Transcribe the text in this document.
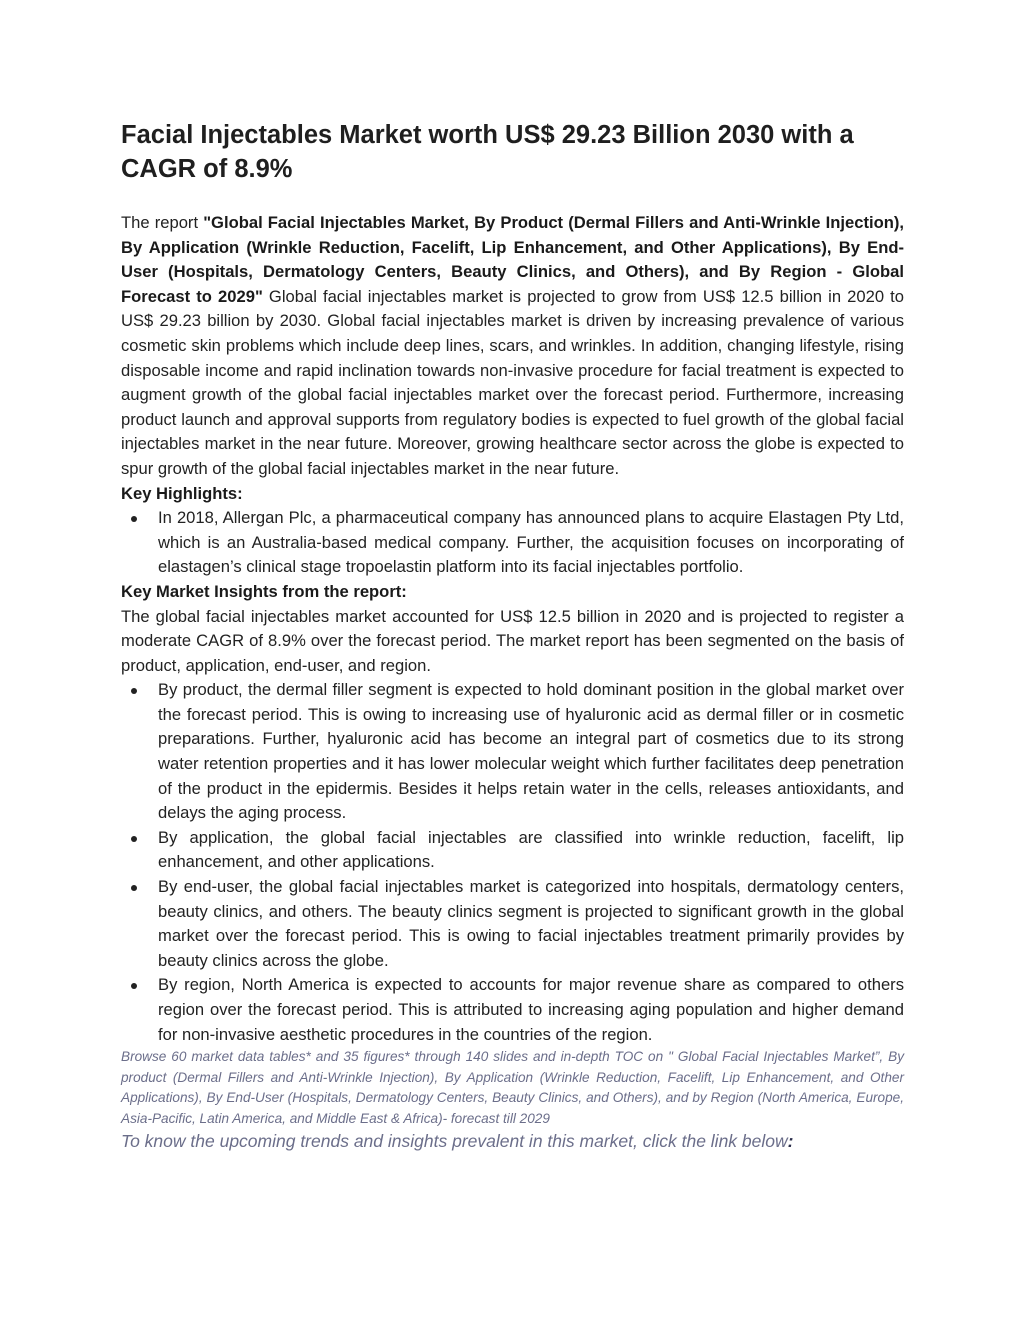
Facial Injectables Market worth US$ 29.23 Billion 2030 with a CAGR of 8.9%

The report "Global Facial Injectables Market, By Product (Dermal Fillers and Anti-Wrinkle Injection), By Application (Wrinkle Reduction, Facelift, Lip Enhancement, and Other Applications), By End-User (Hospitals, Dermatology Centers, Beauty Clinics, and Others), and By Region - Global Forecast to 2029" Global facial injectables market is projected to grow from US$ 12.5 billion in 2020 to US$ 29.23 billion by 2030. Global facial injectables market is driven by increasing prevalence of various cosmetic skin problems which include deep lines, scars, and wrinkles. In addition, changing lifestyle, rising disposable income and rapid inclination towards non-invasive procedure for facial treatment is expected to augment growth of the global facial injectables market over the forecast period. Furthermore, increasing product launch and approval supports from regulatory bodies is expected to fuel growth of the global facial injectables market in the near future. Moreover, growing healthcare sector across the globe is expected to spur growth of the global facial injectables market in the near future.

Key Highlights:

In 2018, Allergan Plc, a pharmaceutical company has announced plans to acquire Elastagen Pty Ltd, which is an Australia-based medical company. Further, the acquisition focuses on incorporating of elastagen’s clinical stage tropoelastin platform into its facial injectables portfolio.

Key Market Insights from the report:

The global facial injectables market accounted for US$ 12.5 billion in 2020 and is projected to register a moderate CAGR of 8.9% over the forecast period. The market report has been segmented on the basis of product, application, end-user, and region.

By product, the dermal filler segment is expected to hold dominant position in the global market over the forecast period. This is owing to increasing use of hyaluronic acid as dermal filler or in cosmetic preparations. Further, hyaluronic acid has become an integral part of cosmetics due to its strong water retention properties and it has lower molecular weight which further facilitates deep penetration of the product in the epidermis. Besides it helps retain water in the cells, releases antioxidants, and delays the aging process.
By application, the global facial injectables are classified into wrinkle reduction, facelift, lip enhancement, and other applications.
By end-user, the global facial injectables market is categorized into hospitals, dermatology centers, beauty clinics, and others. The beauty clinics segment is projected to significant growth in the global market over the forecast period. This is owing to facial injectables treatment primarily provides by beauty clinics across the globe.
By region, North America is expected to accounts for major revenue share as compared to others region over the forecast period. This is attributed to increasing aging population and higher demand for non-invasive aesthetic procedures in the countries of the region.

Browse 60 market data tables* and 35 figures* through 140 slides and in-depth TOC on " Global Facial Injectables Market”, By product (Dermal Fillers and Anti-Wrinkle Injection), By Application (Wrinkle Reduction, Facelift, Lip Enhancement, and Other Applications), By End-User (Hospitals, Dermatology Centers, Beauty Clinics, and Others), and by Region (North America, Europe, Asia-Pacific, Latin America, and Middle East & Africa)- forecast till 2029

To know the upcoming trends and insights prevalent in this market, click the link below:
